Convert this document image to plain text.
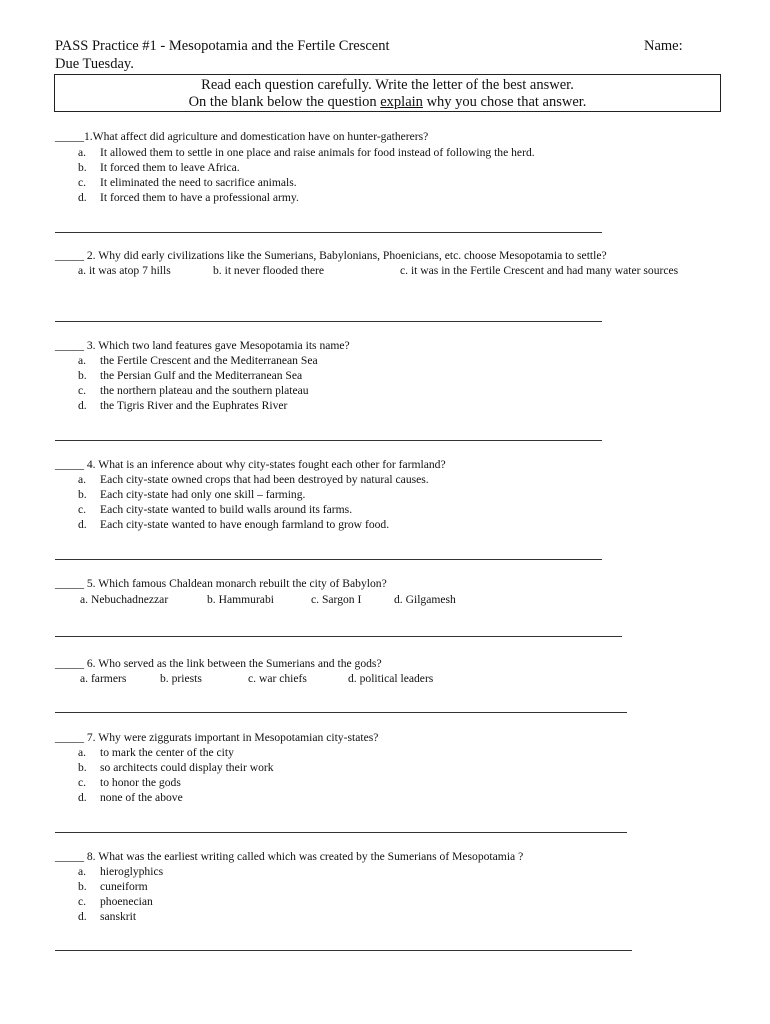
PASS Practice #1 - Mesopotamia and the Fertile Crescent
Due Tuesday.
Name:
Read each question carefully. Write the letter of the best answer.
On the blank below the question explain why you chose that answer.
_____1.What affect did agriculture and domestication have on hunter-gatherers?
a. It allowed them to settle in one place and raise animals for food instead of following the herd.
b. It forced them to leave Africa.
c. It eliminated the need to sacrifice animals.
d. It forced them to have a professional army.
_____ 2. Why did early civilizations like the Sumerians, Babylonians, Phoenicians, etc. choose Mesopotamia to settle?
a. it was atop 7 hills	b. it never flooded there	c. it was in the Fertile Crescent and had many water sources
_____ 3. Which two land features gave Mesopotamia its name?
a. the Fertile Crescent and the Mediterranean Sea
b. the Persian Gulf and the Mediterranean Sea
c. the northern plateau and the southern plateau
d. the Tigris River and the Euphrates River
_____ 4. What is an inference about why city-states fought each other for farmland?
a. Each city-state owned crops that had been destroyed by natural causes.
b. Each city-state had only one skill – farming.
c. Each city-state wanted to build walls around its farms.
d. Each city-state wanted to have enough farmland to grow food.
_____ 5. Which famous Chaldean monarch rebuilt the city of Babylon?
a. Nebuchadnezzar	b. Hammurabi	c. Sargon I	d. Gilgamesh
_____ 6. Who served as the link between the Sumerians and the gods?
a. farmers	b. priests	c. war chiefs	d. political leaders
_____ 7. Why were ziggurats important in Mesopotamian city-states?
a. to mark the center of the city
b. so architects could display their work
c. to honor the gods
d. none of the above
_____ 8. What was the earliest writing called which was created by the Sumerians of Mesopotamia ?
a. hieroglyphics
b. cuneiform
c. phoenecian
d. sanskrit
